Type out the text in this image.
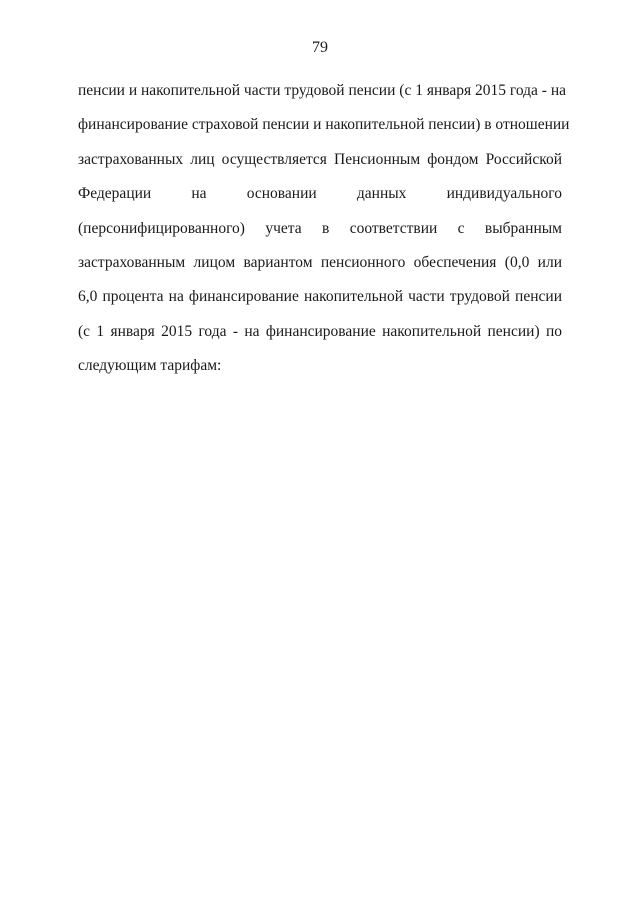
79
пенсии и накопительной части трудовой пенсии (с 1 января 2015 года - на
финансирование страховой пенсии и накопительной пенсии) в отношении
застрахованных лиц осуществляется Пенсионным фондом Российской
Федерации на основании данных индивидуального
(персонифицированного) учета в соответствии с выбранным
застрахованным лицом вариантом пенсионного обеспечения (0,0 или
6,0 процента на финансирование накопительной части трудовой пенсии
(с 1 января 2015 года - на финансирование накопительной пенсии) по
следующим тарифам:
